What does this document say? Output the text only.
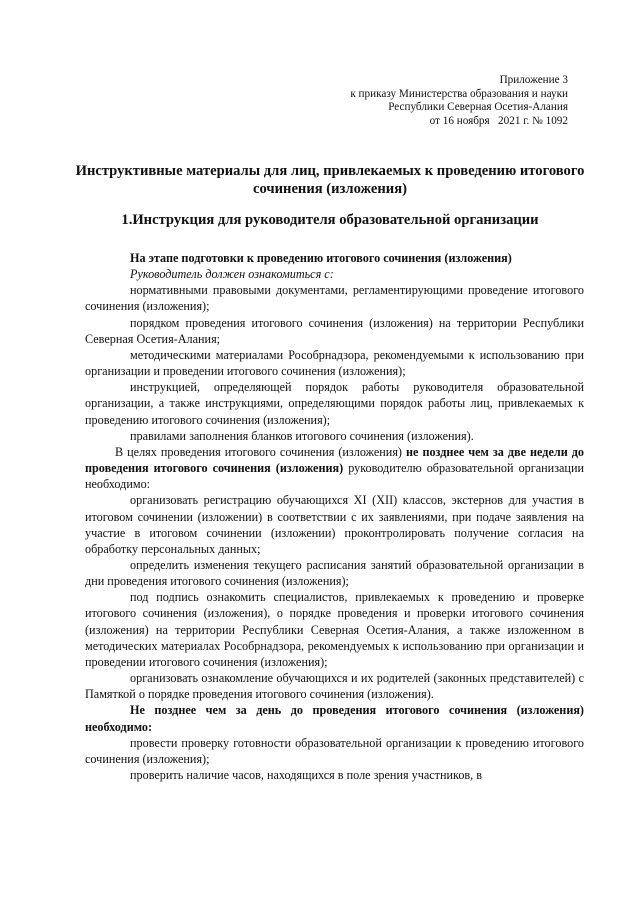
Приложение 3
к приказу Министерства образования и науки
Республики Северная Осетия-Алания
от 16 ноября   2021 г. № 1092
Инструктивные материалы для лиц, привлекаемых к проведению итогового сочинения (изложения)
1.Инструкция для руководителя образовательной организации

На этапе подготовки к проведению итогового сочинения (изложения)

Руководитель должен ознакомиться с:

нормативными правовыми документами, регламентирующими проведение итогового сочинения (изложения);

порядком проведения итогового сочинения (изложения) на территории Республики Северная Осетия-Алания;

методическими материалами Рособрнадзора, рекомендуемыми к использованию при организации и проведении итогового сочинения (изложения);

инструкцией, определяющей порядок работы руководителя образовательной организации, а также инструкциями, определяющими порядок работы лиц, привлекаемых к проведению итогового сочинения (изложения);

правилами заполнения бланков итогового сочинения (изложения).

В целях проведения итогового сочинения (изложения) не позднее чем за две недели до проведения итогового сочинения (изложения) руководителю образовательной организации необходимо:

организовать регистрацию обучающихся XI (XII) классов, экстернов для участия в итоговом сочинении (изложении) в соответствии с их заявлениями, при подаче заявления на участие в итоговом сочинении (изложении) проконтролировать получение согласия на обработку персональных данных;

определить изменения текущего расписания занятий образовательной организации в дни проведения итогового сочинения (изложения);

под подпись ознакомить специалистов, привлекаемых к проведению и проверке итогового сочинения (изложения), о порядке проведения и проверки итогового сочинения (изложения) на территории Республики Северная Осетия-Алания, а также изложенном в методических материалах Рособрнадзора, рекомендуемых к использованию при организации и проведении итогового сочинения (изложения);

организовать ознакомление обучающихся и их родителей (законных представителей) с Памяткой о порядке проведения итогового сочинения (изложения).

Не позднее чем за день до проведения итогового сочинения (изложения) необходимо:

провести проверку готовности образовательной организации к проведению итогового сочинения (изложения);

проверить наличие часов, находящихся в поле зрения участников, в
